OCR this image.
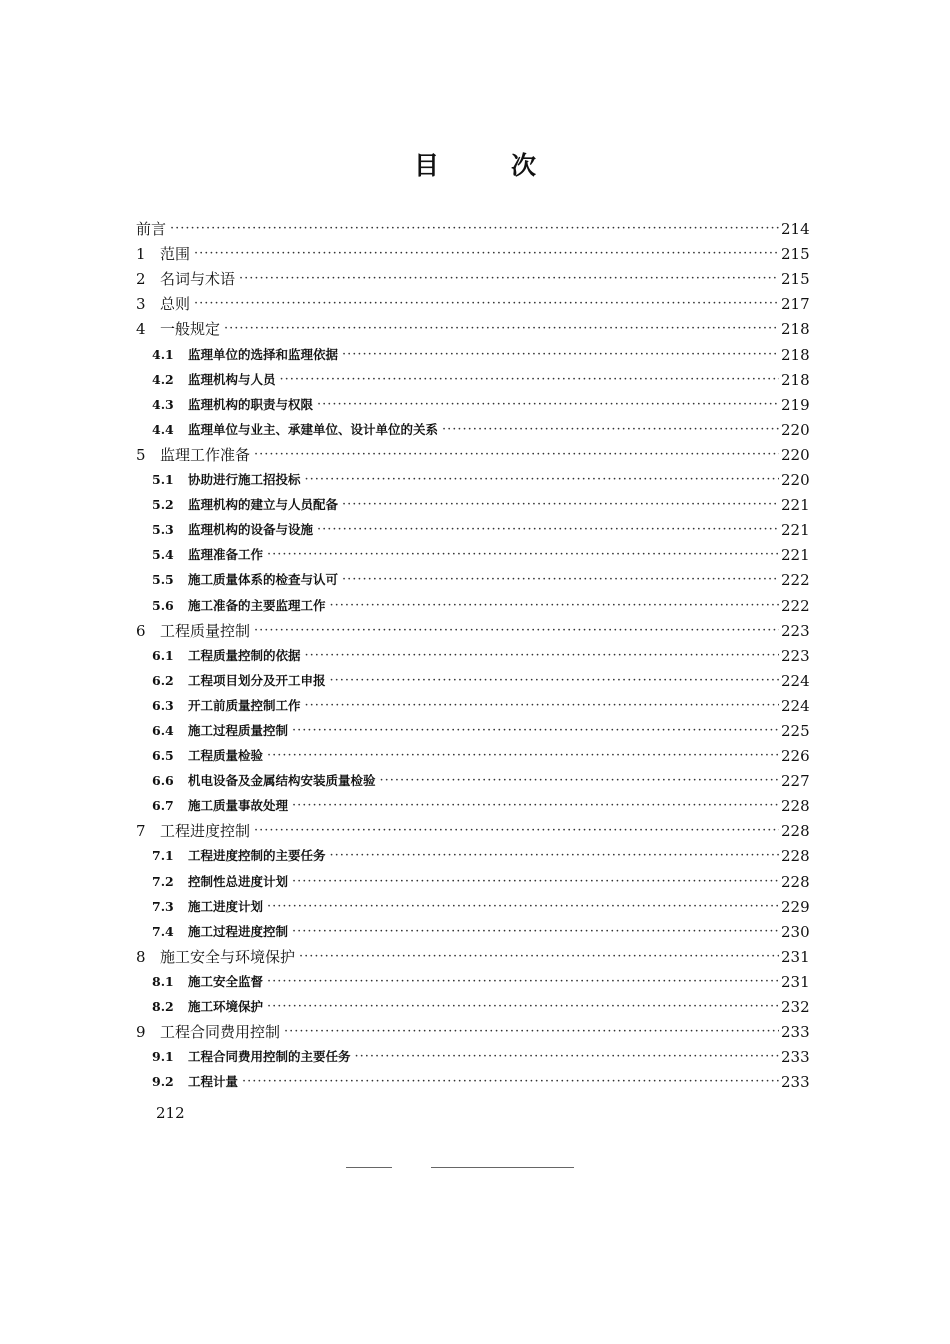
目	次
前言 ·····	214
1 范围 ·····	215
2 名词与术语 ·····	215
3 总则 ·····	217
4 一般规定 ·····	218
4.1	监理单位的选择和监理依据 ·····	218
4.2	监理机构与人员 ·····	218
4.3	监理机构的职责与权限 ·····	219
4.4	监理单位与业主、承建单位、设计单位的关系 ·····	220
5 监理工作准备 ·····	220
5.1	协助进行施工招投标 ·····	220
5.2	监理机构的建立与人员配备 ·····	221
5.3	监理机构的设备与设施 ·····	221
5.4	监理准备工作 ·····	221
5.5	施工质量体系的检查与认可 ·····	222
5.6	施工准备的主要监理工作 ·····	222
6 工程质量控制 ·····	223
6.1	工程质量控制的依据 ·····	223
6.2	工程项目划分及开工申报 ·····	224
6.3	开工前质量控制工作 ·····	224
6.4	施工过程质量控制 ·····	225
6.5	工程质量检验 ·····	226
6.6	机电设备及金属结构安装质量检验 ·····	227
6.7	施工质量事故处理 ·····	228
7 工程进度控制 ·····	228
7.1	工程进度控制的主要任务 ·····	228
7.2	控制性总进度计划 ·····	228
7.3	施工进度计划 ·····	229
7.4	施工过程进度控制 ·····	230
8 施工安全与环境保护 ·····	231
8.1	施工安全监督 ·····	231
8.2	施工环境保护 ·····	232
9 工程合同费用控制 ·····	233
9.1	工程合同费用控制的主要任务 ·····	233
9.2	工程计量 ·····	233
212
